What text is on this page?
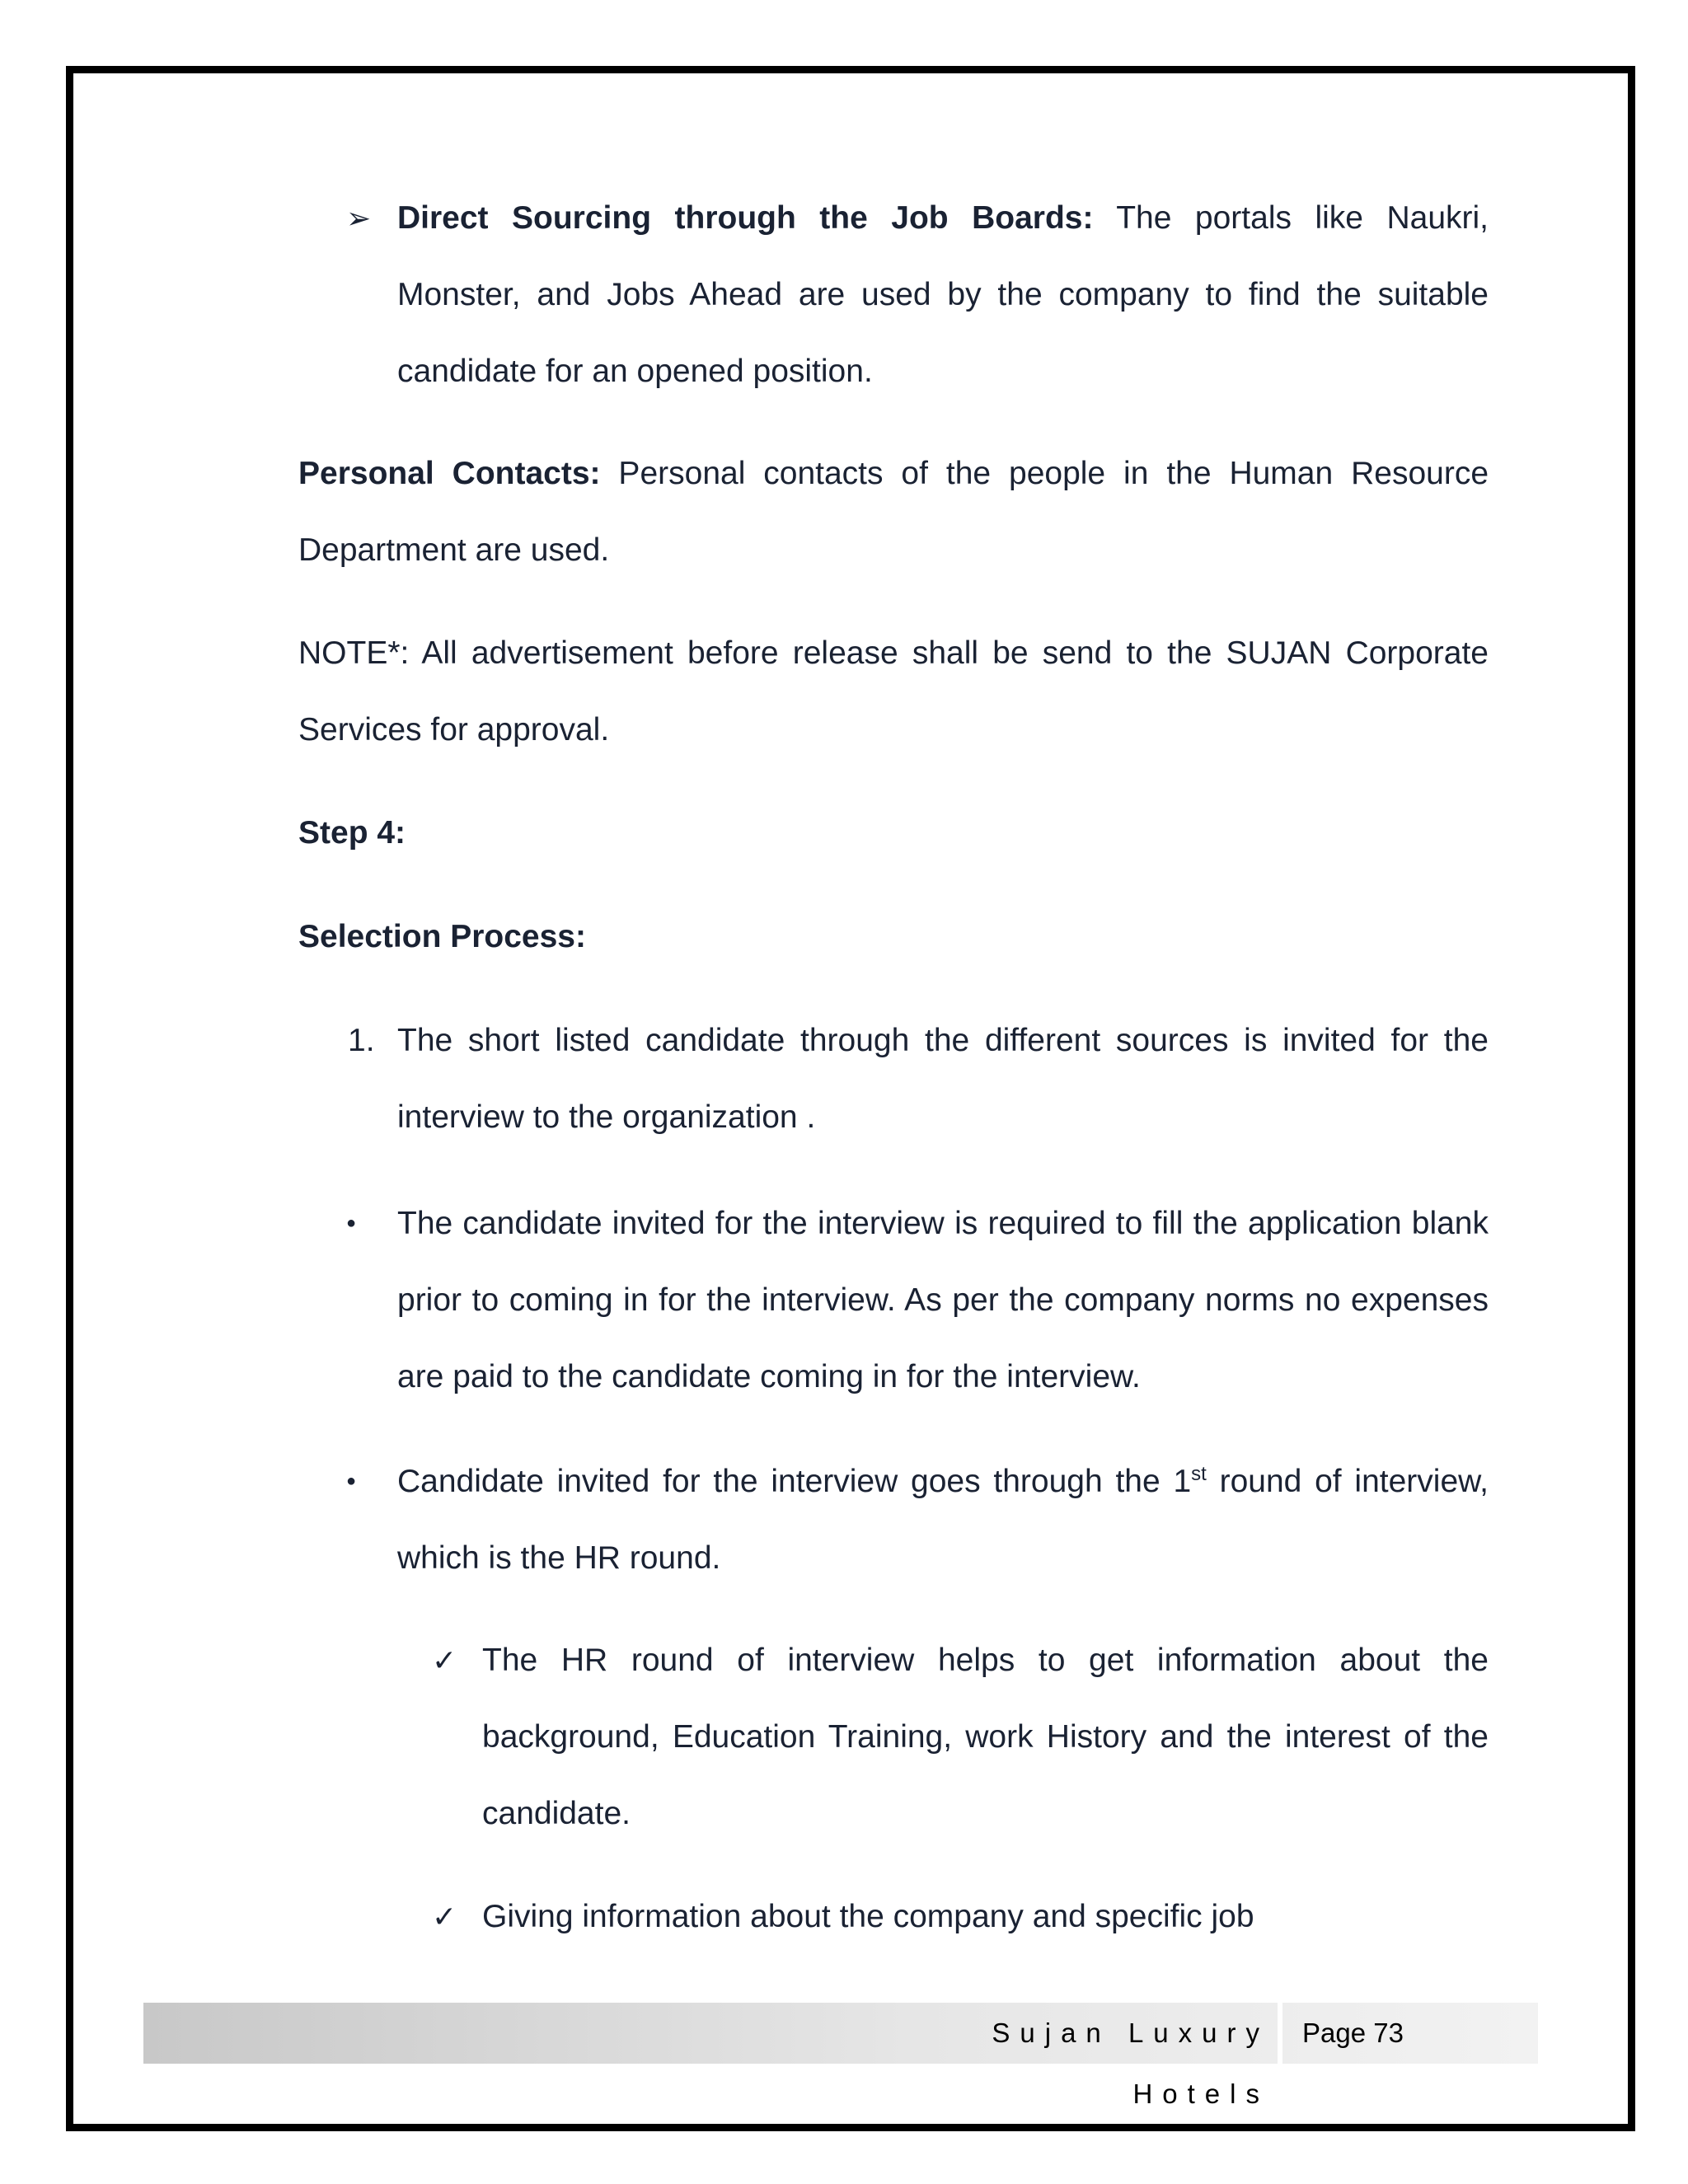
➢ Direct Sourcing through the Job Boards: The portals like Naukri, Monster, and Jobs Ahead are used by the company to find the suitable candidate for an opened position.

Personal Contacts: Personal contacts of the people in the Human Resource Department are used.

NOTE*: All advertisement before release shall be send to the SUJAN Corporate Services for approval.

Step 4:
Selection Process:
1. The short listed candidate through the different sources is invited for the interview to the organization .

● The candidate invited for the interview is required to fill the application blank prior to coming in for the interview. As per the company norms no expenses are paid to the candidate coming in for the interview.

● Candidate invited for the interview goes through the 1st round of interview, which is the HR round.

✓ The HR round of interview helps to get information about the background, Education Training, work History and the interest of the candidate.

✓ Giving information about the company and specific job

Sujan Luxury Hotels
Page 73
